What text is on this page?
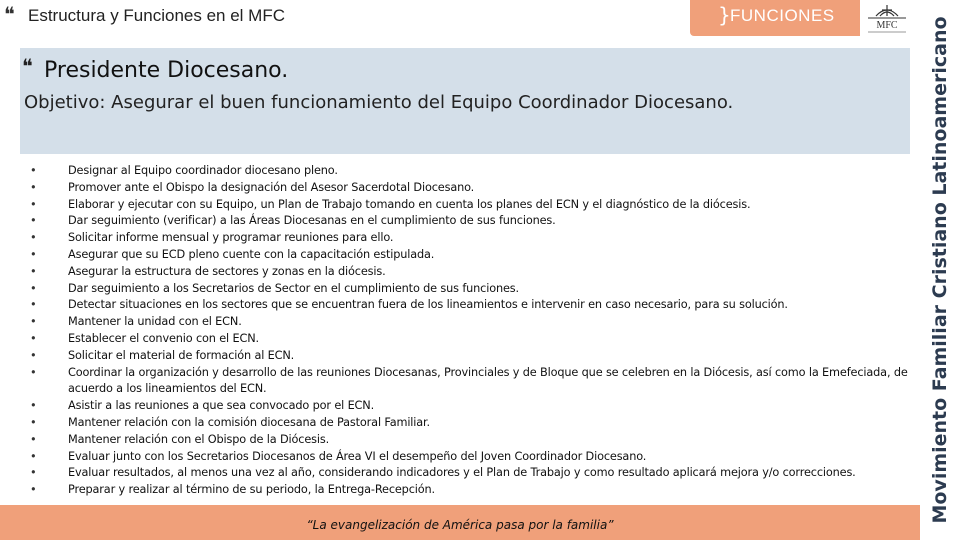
❝ Estructura y Funciones en el MFC	} FUNCIONES
MFC Movimiento Familiar Cristiano Latinoamericano
❝ Presidente Diocesano.
Objetivo: Asegurar el buen funcionamiento del Equipo Coordinador Diocesano.
• Designar al Equipo coordinador diocesano pleno.
• Promover ante el Obispo la designación del Asesor Sacerdotal Diocesano.
• Elaborar y ejecutar con su Equipo, un Plan de Trabajo tomando en cuenta los planes del ECN y el diagnóstico de la diócesis.
• Dar seguimiento (verificar) a las Áreas Diocesanas en el cumplimiento de sus funciones.
• Solicitar informe mensual y programar reuniones para ello.
• Asegurar que su ECD pleno cuente con la capacitación estipulada.
• Asegurar la estructura de sectores y zonas en la diócesis.
• Dar seguimiento a los Secretarios de Sector en el cumplimiento de sus funciones.
• Detectar situaciones en los sectores que se encuentran fuera de los lineamientos e intervenir en caso necesario, para su solución.
• Mantener la unidad con el ECN.
• Establecer el convenio con el ECN.
• Solicitar el material de formación al ECN.
• Coordinar la organización y desarrollo de las reuniones Diocesanas, Provinciales y de Bloque que se celebren en la Diócesis, así como la Emefeciada, de acuerdo a los lineamientos del ECN.
• Asistir a las reuniones a que sea convocado por el ECN.
• Mantener relación con la comisión diocesana de Pastoral Familiar.
• Mantener relación con el Obispo de la Diócesis.
• Evaluar junto con los Secretarios Diocesanos de Área VI el desempeño del Joven Coordinador Diocesano.
• Evaluar resultados, al menos una vez al año, considerando indicadores y el Plan de Trabajo y como resultado aplicará mejora y/o correcciones.
• Preparar y realizar al término de su periodo, la Entrega-Recepción.
“La evangelización de América pasa por la familia”
